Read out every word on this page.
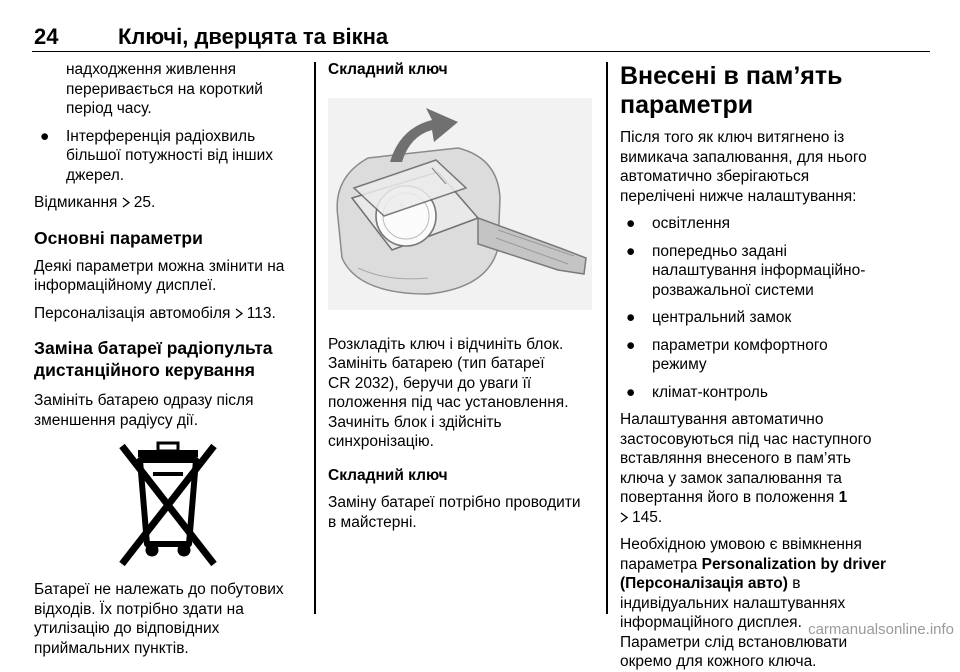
24	Ключі, дверцята та вікна
надходження живлення
переривається на короткий
період часу.
● Інтерференція радіохвиль
більшої потужності від інших
джерел.
Відмикання 25.
Основні параметри
Деякі параметри можна змінити на
інформаційному дисплеї.
Персоналізація автомобіля 113.
Заміна батареї радіопульта
дистанційного керування
Замініть батарею одразу після
зменшення радіусу дії.
Батареї не належать до побутових
відходів. Їх потрібно здати на
утилізацію до відповідних
приймальних пунктів.
Складний ключ
Розкладіть ключ і відчиніть блок.
Замініть батарею (тип батареї
CR 2032), беручи до уваги її
положення під час установлення.
Зачиніть блок і здійсніть
синхронізацію.
Складний ключ
Заміну батареї потрібно проводити
в майстерні.
Внесені в пам’ять
параметри
Після того як ключ витягнено із
вимикача запалювання, для нього
автоматично зберігаються
перелічені нижче налаштування:
● освітлення
● попередньо задані
налаштування інформаційно-
розважальної системи
● центральний замок
● параметри комфортного
режиму
● клімат-контроль
Налаштування автоматично
застосовуються під час наступного
вставляння внесеного в пам’ять
ключа у замок запалювання та
повертання його в положення 1
145.
Необхідною умовою є ввімкнення
параметра Personalization by driver
(Персоналізація авто) в
індивідуальних налаштуваннях
інформаційного дисплея.
Параметри слід встановлювати
окремо для кожного ключа.
carmanualsonline.info
